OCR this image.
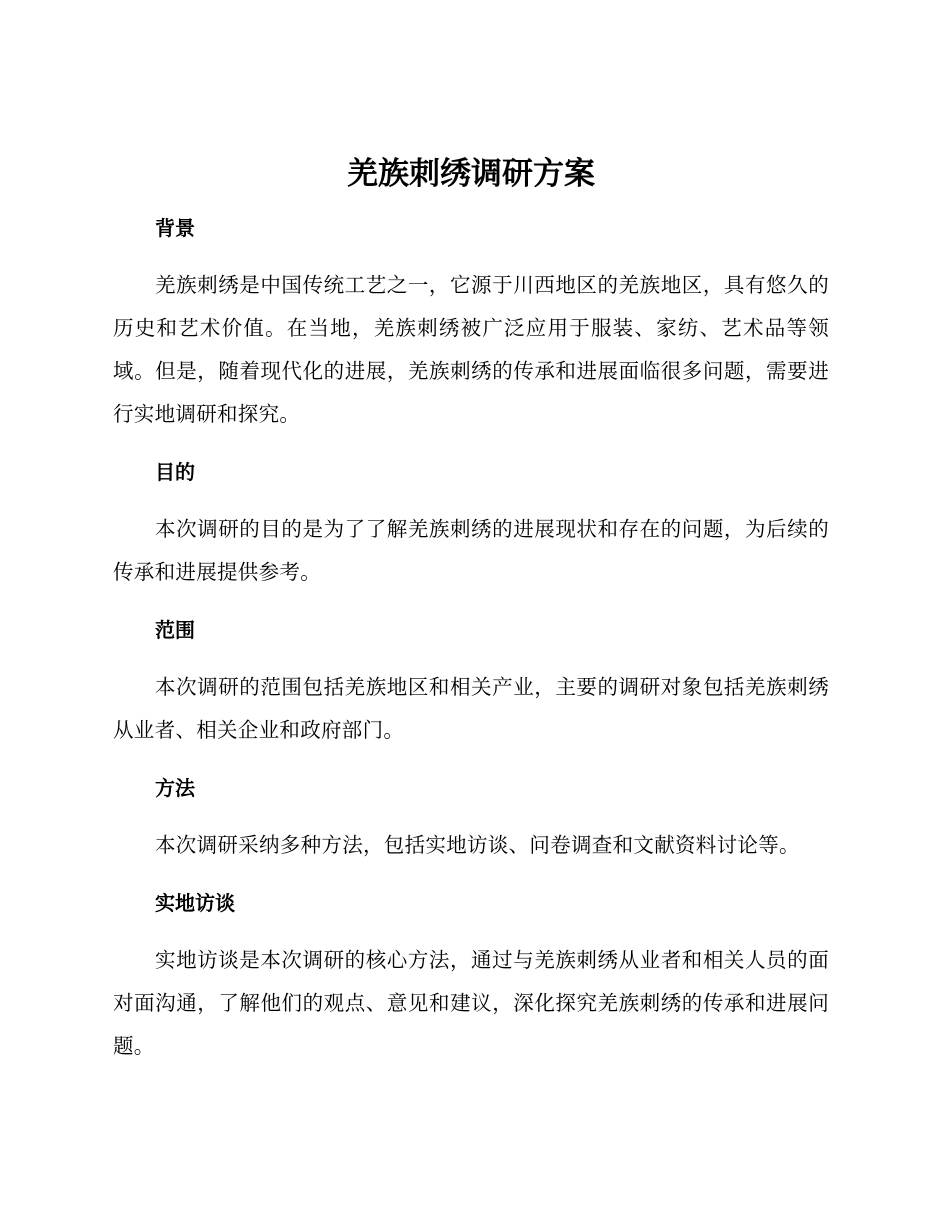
羌族刺绣调研方案
背景

羌族刺绣是中国传统工艺之一，它源于川西地区的羌族地区，具有悠久的历史和艺术价值。在当地，羌族刺绣被广泛应用于服装、家纺、艺术品等领域。但是，随着现代化的进展，羌族刺绣的传承和进展面临很多问题，需要进行实地调研和探究。

目的

本次调研的目的是为了了解羌族刺绣的进展现状和存在的问题，为后续的传承和进展提供参考。

范围

本次调研的范围包括羌族地区和相关产业，主要的调研对象包括羌族刺绣从业者、相关企业和政府部门。

方法

本次调研采纳多种方法，包括实地访谈、问卷调查和文献资料讨论等。

实地访谈

实地访谈是本次调研的核心方法，通过与羌族刺绣从业者和相关人员的面对面沟通，了解他们的观点、意见和建议，深化探究羌族刺绣的传承和进展问题。
